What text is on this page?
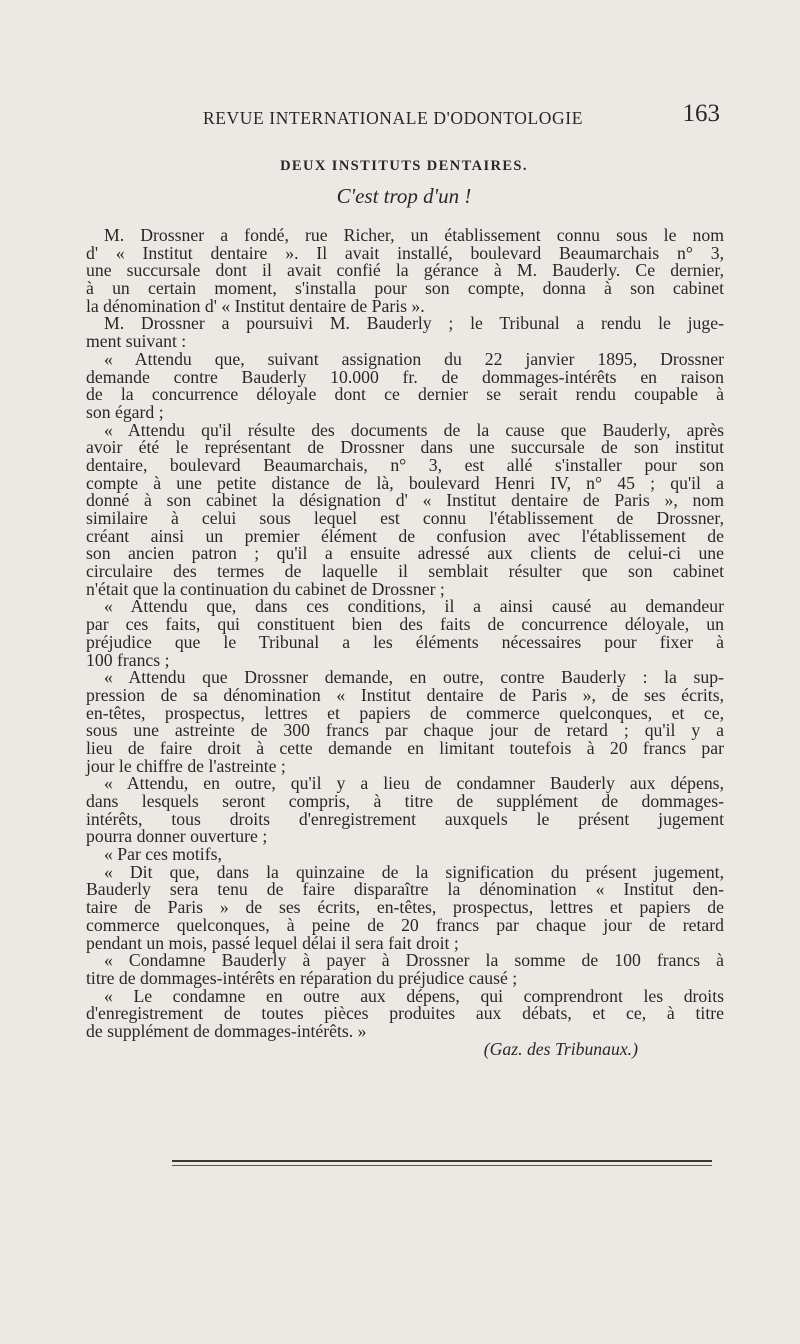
REVUE INTERNATIONALE D'ODONTOLOGIE	163
DEUX INSTITUTS DENTAIRES.
C'est trop d'un !
M. Drossner a fondé, rue Richer, un établissement connu sous le nom
d' « Institut dentaire ». Il avait installé, boulevard Beaumarchais n° 3,
une succursale dont il avait confié la gérance à M. Bauderly. Ce dernier,
à un certain moment, s'installa pour son compte, donna à son cabinet
la dénomination d' « Institut dentaire de Paris ».
M. Drossner a poursuivi M. Bauderly ; le Tribunal a rendu le juge-
ment suivant :
« Attendu que, suivant assignation du 22 janvier 1895, Drossner
demande contre Bauderly 10.000 fr. de dommages-intérêts en raison
de la concurrence déloyale dont ce dernier se serait rendu coupable à
son égard ;
« Attendu qu'il résulte des documents de la cause que Bauderly, après
avoir été le représentant de Drossner dans une succursale de son institut
dentaire, boulevard Beaumarchais, n° 3, est allé s'installer pour son
compte à une petite distance de là, boulevard Henri IV, n° 45 ; qu'il a
donné à son cabinet la désignation d' « Institut dentaire de Paris », nom
similaire à celui sous lequel est connu l'établissement de Drossner,
créant ainsi un premier élément de confusion avec l'établissement de
son ancien patron ; qu'il a ensuite adressé aux clients de celui-ci une
circulaire des termes de laquelle il semblait résulter que son cabinet
n'était que la continuation du cabinet de Drossner ;
« Attendu que, dans ces conditions, il a ainsi causé au demandeur
par ces faits, qui constituent bien des faits de concurrence déloyale, un
préjudice que le Tribunal a les éléments nécessaires pour fixer à
100 francs ;
« Attendu que Drossner demande, en outre, contre Bauderly : la sup-
pression de sa dénomination « Institut dentaire de Paris », de ses écrits,
en-têtes, prospectus, lettres et papiers de commerce quelconques, et ce,
sous une astreinte de 300 francs par chaque jour de retard ; qu'il y a
lieu de faire droit à cette demande en limitant toutefois à 20 francs par
jour le chiffre de l'astreinte ;
« Attendu, en outre, qu'il y a lieu de condamner Bauderly aux dépens,
dans lesquels seront compris, à titre de supplément de dommages-
intérêts, tous droits d'enregistrement auxquels le présent jugement
pourra donner ouverture ;
« Par ces motifs,
« Dit que, dans la quinzaine de la signification du présent jugement,
Bauderly sera tenu de faire disparaître la dénomination « Institut den-
taire de Paris » de ses écrits, en-têtes, prospectus, lettres et papiers de
commerce quelconques, à peine de 20 francs par chaque jour de retard
pendant un mois, passé lequel délai il sera fait droit ;
« Condamne Bauderly à payer à Drossner la somme de 100 francs à
titre de dommages-intérêts en réparation du préjudice causé ;
« Le condamne en outre aux dépens, qui comprendront les droits
d'enregistrement de toutes pièces produites aux débats, et ce, à titre
de supplément de dommages-intérêts. »
(Gaz. des Tribunaux.)
